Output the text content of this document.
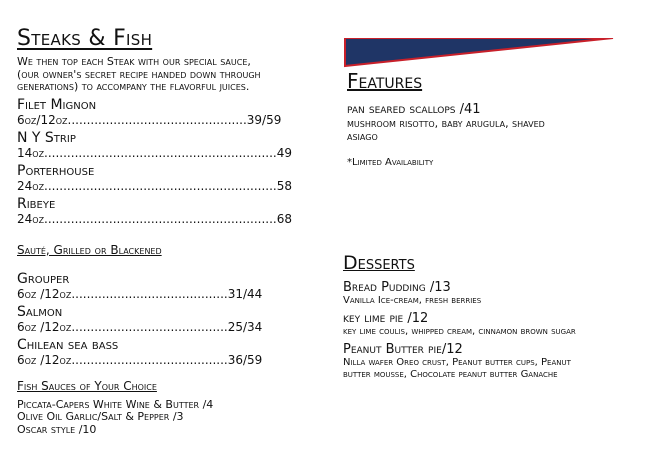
Steaks & Fish
We then top each Steak with our special sauce,
(our owner's secret recipe handed down through
generations) to accompany the flavorful juices.
Filet Mignon
6oz/12oz...............................................39/59
N Y Strip
14oz.............................................................49
Porterhouse
24oz.............................................................58
Ribeye
24oz.............................................................68
Sauté, Grilled or Blackened
Grouper
6oz /12oz.........................................31/44
Salmon
6oz /12oz.........................................25/34
Chilean sea bass
6oz /12oz.........................................36/59
Fish Sauces of Your Choice
Piccata-Capers White Wine & Butter /4
Olive Oil Garlic/Salt & Pepper /3
Oscar style /10
Features
pan seared scallops /41
mushroom risotto, baby arugula, shaved
asiago
*Limited Availability
Desserts
Bread Pudding /13
Vanilla Ice-cream, fresh berries
key lime pie /12
key lime coulis, whipped cream, cinnamon brown sugar
Peanut Butter pie/12
Nilla wafer Oreo crust, Peanut butter cups, Peanut
butter mousse, Chocolate peanut butter Ganache
